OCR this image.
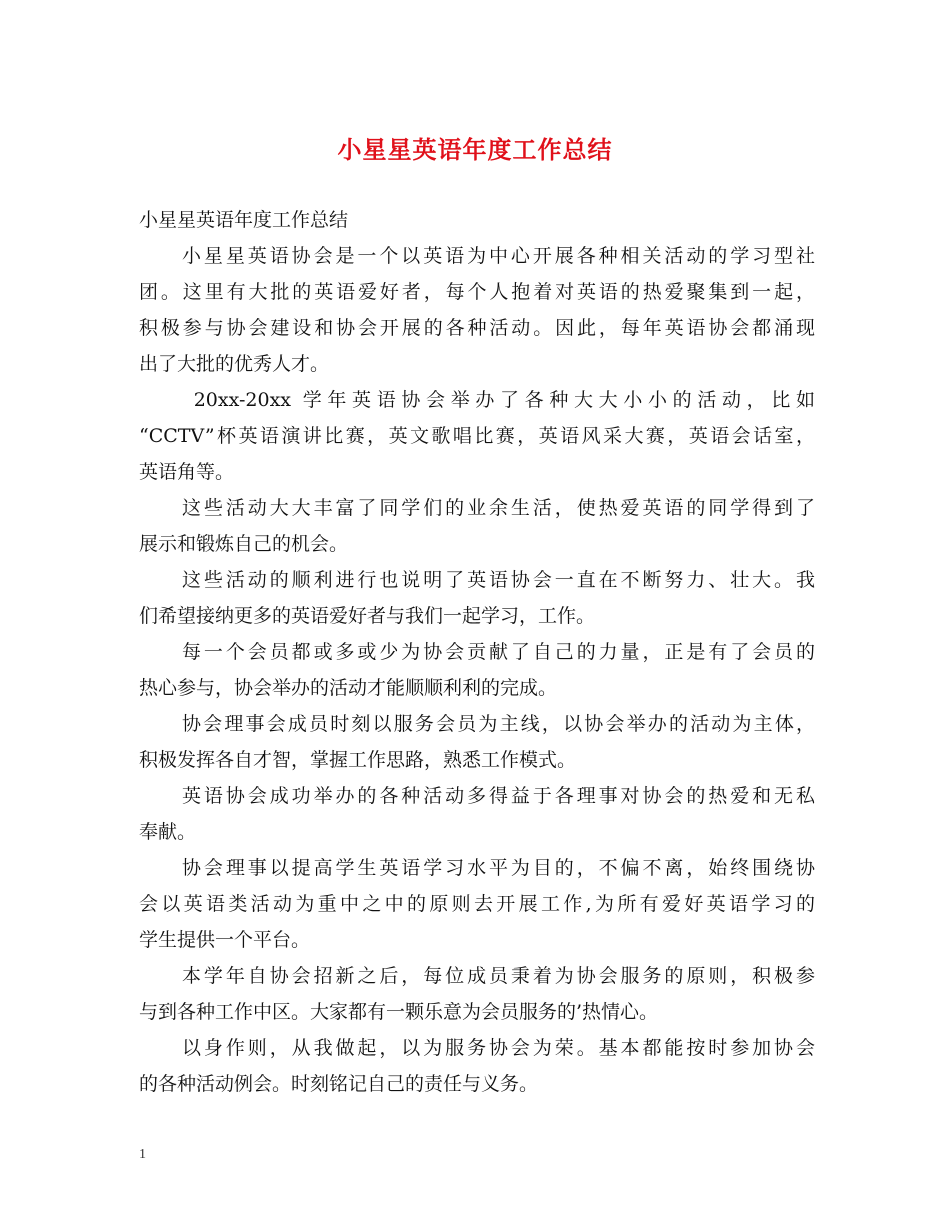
小星星英语年度工作总结

小星星英语年度工作总结

小星星英语协会是一个以英语为中心开展各种相关活动的学习型社

团。这里有大批的英语爱好者，每个人抱着对英语的热爱聚集到一起，

积极参与协会建设和协会开展的各种活动。因此，每年英语协会都涌现

出了大批的优秀人才。

20xx-20xx 学年英语协会举办了各种大大小小的活动，比如

“CCTV”杯英语演讲比赛，英文歌唱比赛，英语风采大赛，英语会话室，

英语角等。

这些活动大大丰富了同学们的业余生活，使热爱英语的同学得到了

展示和锻炼自己的机会。

这些活动的顺利进行也说明了英语协会一直在不断努力、壮大。我

们希望接纳更多的英语爱好者与我们一起学习，工作。

每一个会员都或多或少为协会贡献了自己的力量，正是有了会员的

热心参与，协会举办的活动才能顺顺利利的完成。

协会理事会成员时刻以服务会员为主线，以协会举办的活动为主体，

积极发挥各自才智，掌握工作思路，熟悉工作模式。

英语协会成功举办的各种活动多得益于各理事对协会的热爱和无私

奉献。

协会理事以提高学生英语学习水平为目的，不偏不离，始终围绕协

会以英语类活动为重中之中的原则去开展工作,为所有爱好英语学习的

学生提供一个平台。

本学年自协会招新之后，每位成员秉着为协会服务的原则，积极参

与到各种工作中区。大家都有一颗乐意为会员服务的’热情心。

以身作则，从我做起，以为服务协会为荣。基本都能按时参加协会

的各种活动例会。时刻铭记自己的责任与义务。

1
